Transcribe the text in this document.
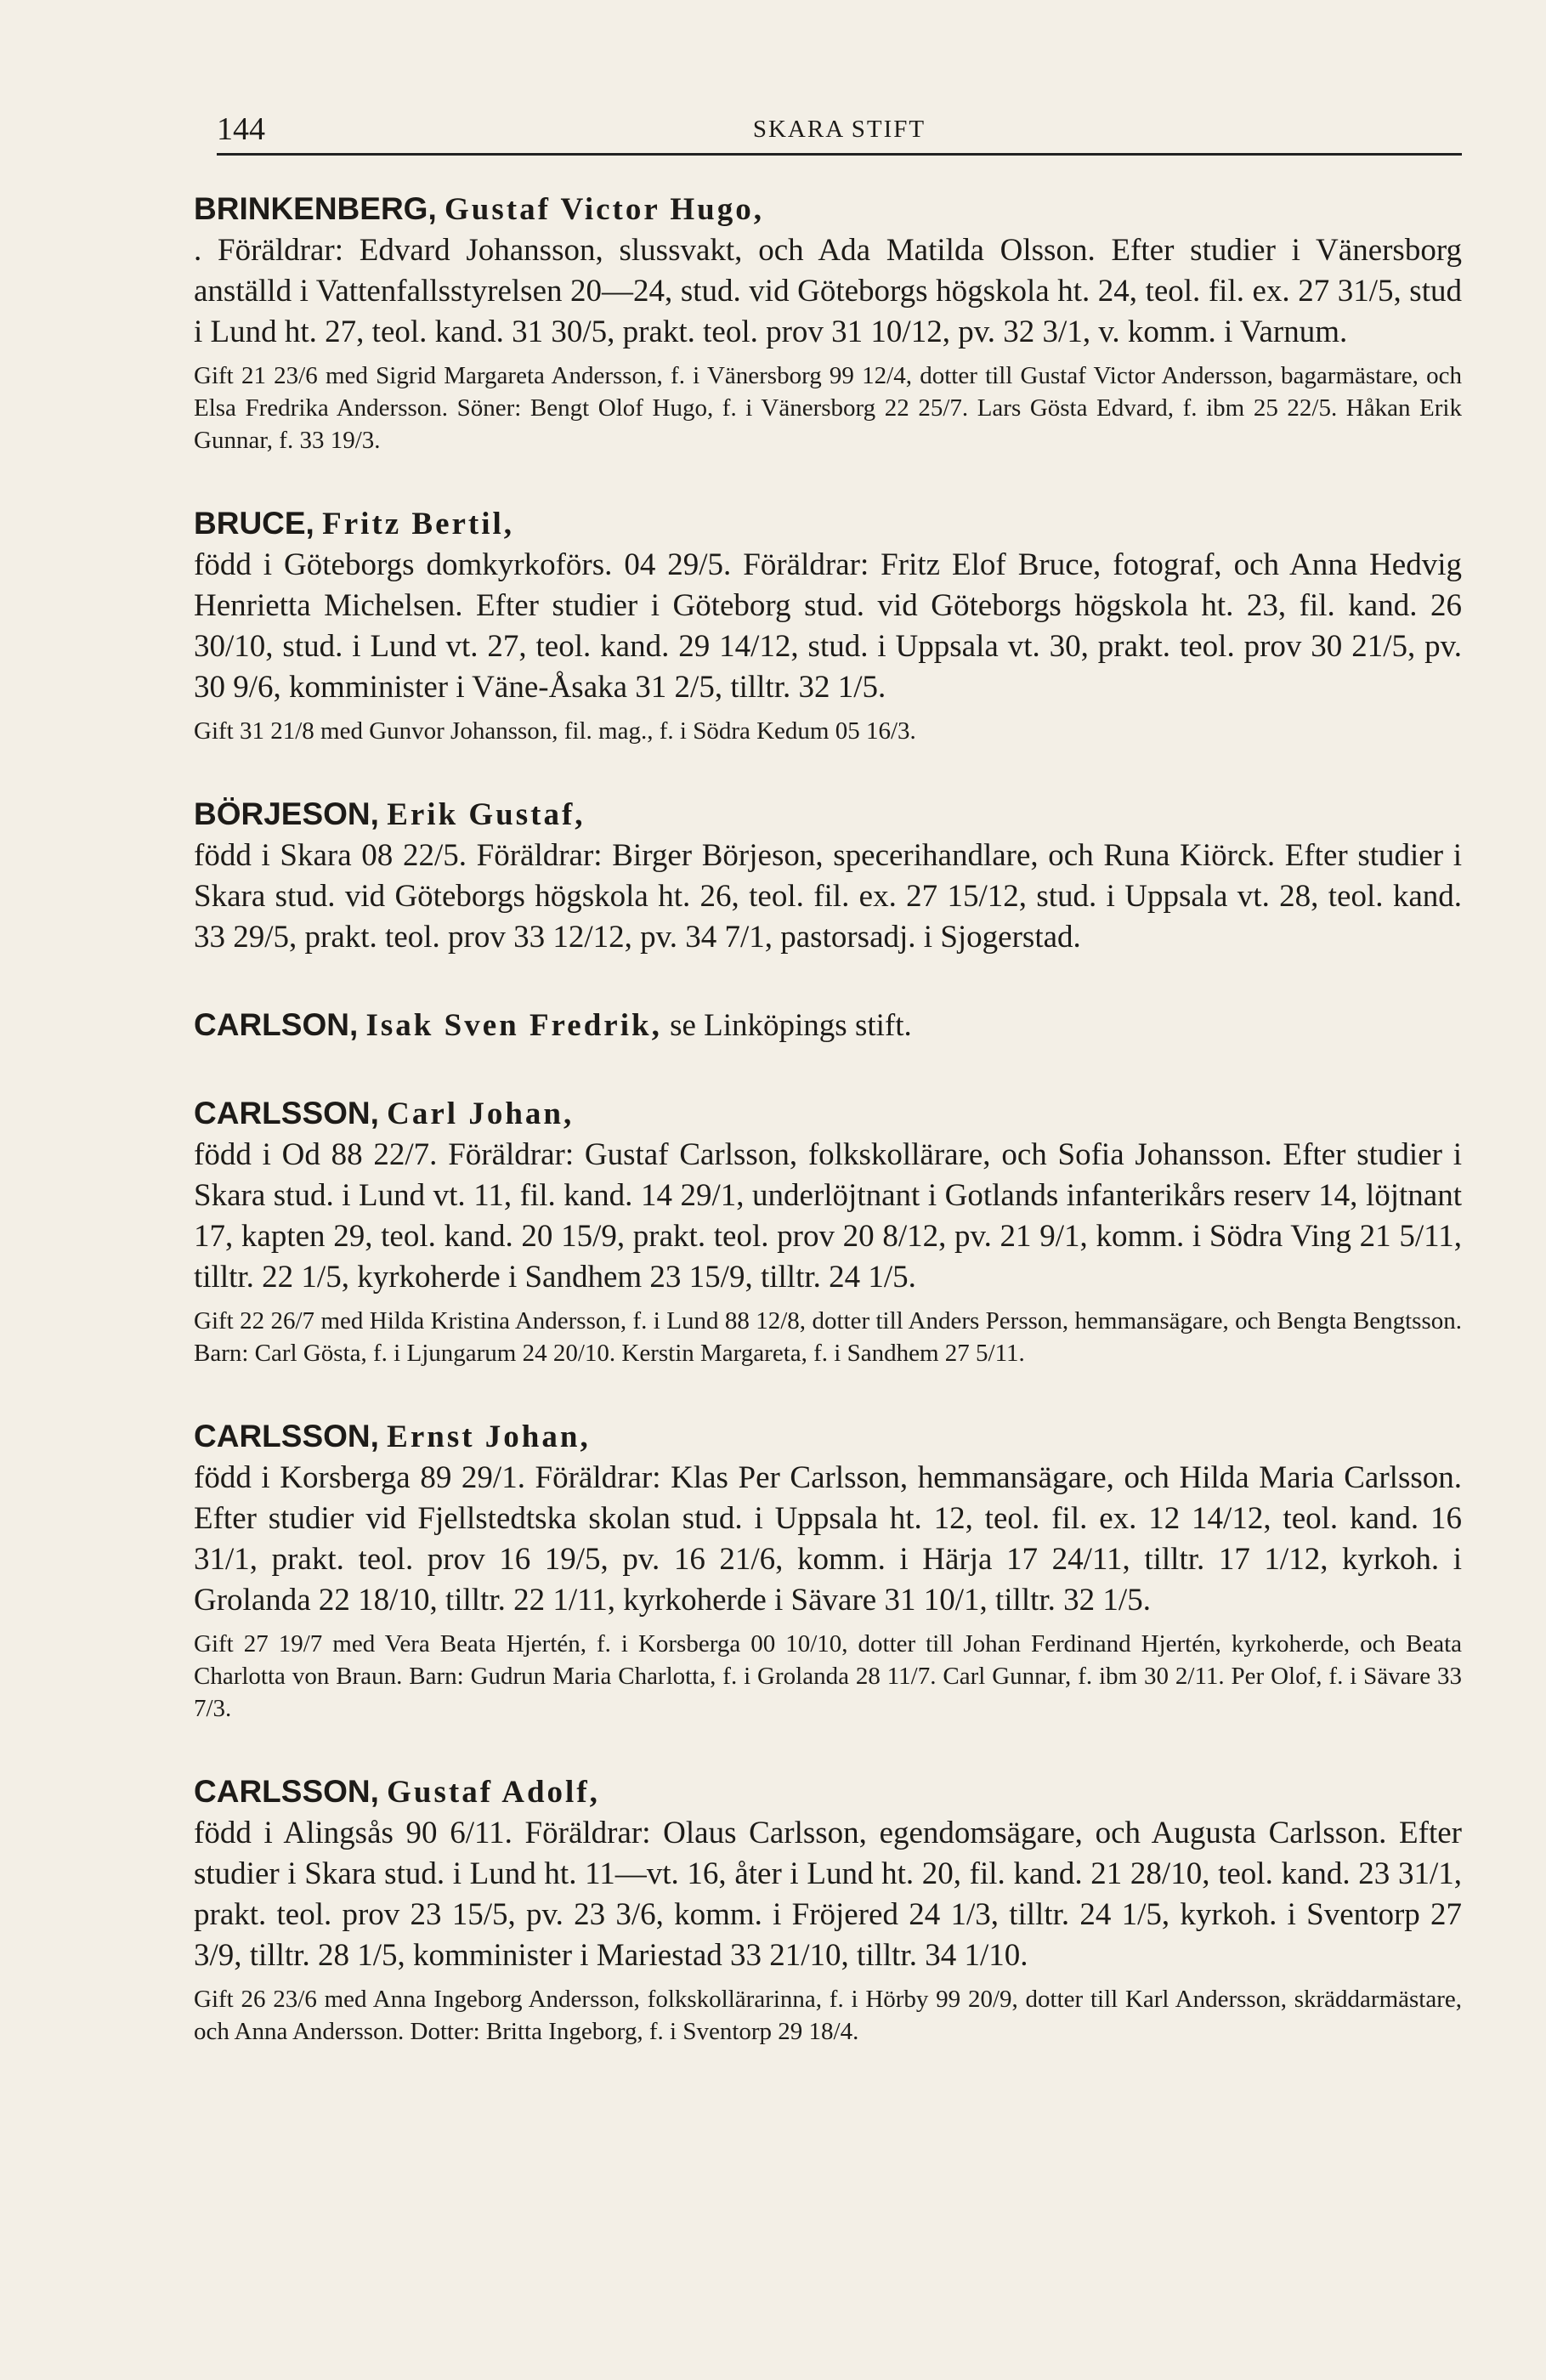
144	SKARA STIFT

BRINKENBERG, Gustaf Victor Hugo,
. Föräldrar: Edvard Johansson, slussvakt, och Ada Matilda Olsson. Efter studier i Vänersborg anställd i Vattenfallsstyrelsen 20—24, stud. vid Göteborgs högskola ht. 24, teol. fil. ex. 27 31/5, stud i Lund ht. 27, teol. kand. 31 30/5, prakt. teol. prov 31 10/12, pv. 32 3/1, v. komm. i Varnum.

Gift 21 23/6 med Sigrid Margareta Andersson, f. i Vänersborg 99 12/4, dotter till Gustaf Victor Andersson, bagarmästare, och Elsa Fredrika Andersson. Söner: Bengt Olof Hugo, f. i Vänersborg 22 25/7. Lars Gösta Edvard, f. ibm 25 22/5. Håkan Erik Gunnar, f. 33 19/3.

BRUCE, Fritz Bertil,
född i Göteborgs domkyrkoförs. 04 29/5. Föräldrar: Fritz Elof Bruce, fotograf, och Anna Hedvig Henrietta Michelsen. Efter studier i Göteborg stud. vid Göteborgs högskola ht. 23, fil. kand. 26 30/10, stud. i Lund vt. 27, teol. kand. 29 14/12, stud. i Uppsala vt. 30, prakt. teol. prov 30 21/5, pv. 30 9/6, komminister i Väne-Åsaka 31 2/5, tilltr. 32 1/5.

Gift 31 21/8 med Gunvor Johansson, fil. mag., f. i Södra Kedum 05 16/3.

BÖRJESON, Erik Gustaf,
född i Skara 08 22/5. Föräldrar: Birger Börjeson, specerihandlare, och Runa Kiörck. Efter studier i Skara stud. vid Göteborgs högskola ht. 26, teol. fil. ex. 27 15/12, stud. i Uppsala vt. 28, teol. kand. 33 29/5, prakt. teol. prov 33 12/12, pv. 34 7/1, pastorsadj. i Sjogerstad.

CARLSON, Isak Sven Fredrik, se Linköpings stift.

CARLSSON, Carl Johan,
född i Od 88 22/7. Föräldrar: Gustaf Carlsson, folkskollärare, och Sofia Johansson. Efter studier i Skara stud. i Lund vt. 11, fil. kand. 14 29/1, underlöjtnant i Gotlands infanterikårs reserv 14, löjtnant 17, kapten 29, teol. kand. 20 15/9, prakt. teol. prov 20 8/12, pv. 21 9/1, komm. i Södra Ving 21 5/11, tilltr. 22 1/5, kyrkoherde i Sandhem 23 15/9, tilltr. 24 1/5.

Gift 22 26/7 med Hilda Kristina Andersson, f. i Lund 88 12/8, dotter till Anders Persson, hemmansägare, och Bengta Bengtsson. Barn: Carl Gösta, f. i Ljungarum 24 20/10. Kerstin Margareta, f. i Sandhem 27 5/11.

CARLSSON, Ernst Johan,
född i Korsberga 89 29/1. Föräldrar: Klas Per Carlsson, hemmansägare, och Hilda Maria Carlsson. Efter studier vid Fjellstedtska skolan stud. i Uppsala ht. 12, teol. fil. ex. 12 14/12, teol. kand. 16 31/1, prakt. teol. prov 16 19/5, pv. 16 21/6, komm. i Härja 17 24/11, tilltr. 17 1/12, kyrkoh. i Grolanda 22 18/10, tilltr. 22 1/11, kyrkoherde i Sävare 31 10/1, tilltr. 32 1/5.

Gift 27 19/7 med Vera Beata Hjertén, f. i Korsberga 00 10/10, dotter till Johan Ferdinand Hjertén, kyrkoherde, och Beata Charlotta von Braun. Barn: Gudrun Maria Charlotta, f. i Grolanda 28 11/7. Carl Gunnar, f. ibm 30 2/11. Per Olof, f. i Sävare 33 7/3.

CARLSSON, Gustaf Adolf,
född i Alingsås 90 6/11. Föräldrar: Olaus Carlsson, egendomsägare, och Augusta Carlsson. Efter studier i Skara stud. i Lund ht. 11—vt. 16, åter i Lund ht. 20, fil. kand. 21 28/10, teol. kand. 23 31/1, prakt. teol. prov 23 15/5, pv. 23 3/6, komm. i Fröjered 24 1/3, tilltr. 24 1/5, kyrkoh. i Sventorp 27 3/9, tilltr. 28 1/5, komminister i Mariestad 33 21/10, tilltr. 34 1/10.

Gift 26 23/6 med Anna Ingeborg Andersson, folkskollärarinna, f. i Hörby 99 20/9, dotter till Karl Andersson, skräddarmästare, och Anna Andersson. Dotter: Britta Ingeborg, f. i Sventorp 29 18/4.
